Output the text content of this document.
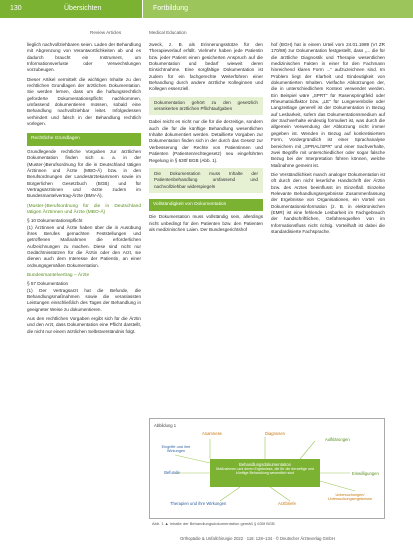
130	Übersichten	Fortbildung
Review Articles	Medical Education

lieglich nachvollziehbaren seien. Laden der Behandlung mit Abgrenzung von Verantwortlichkeiten ab und es dadurch braucht ein Instrument, um Informationsverluste oder Verwechslungen vorzubeugen.

Dieser Artikel vermittelt die wichtigen Inhalte zu den rechtlichen Grundlagen der ärztlichen Dokumentation. Sie werden lernen, dass um die haftungsrechtlich geforderte Dokumentationspflicht nachkommen, umfassend dokumentieren müssen, sobald eine Behandlung nachvollziehbar leitet. Infolgedessen verhindert und falsch in der Behandlung rechtlich vorlegen.

Rechtliche Grundlagen

Grundlegende rechtliche Vorgaben zur ärztlichen Dokumentation finden sich u. a. in der (Muster-)Berufsordnung für die in Deutschland tätigen Ärztinnen und Ärzte (MBO-Ä) bzw. in den Berufsordnungen der Landesärztekammern sowie im Bürgerlichen Gesetzbuch (BGB) und für Vertragsärztinnen und -ärzte zudem im Bundesmantelvertrag-Ärzte (BMV-Ä).

(Muster-)Berufsordnung für die in Deutschland tätigen Ärztinnen und Ärzte (MBO-Ä)

§ 10 Dokumentationspflicht

(1) Ärztinnen und Ärzte haben über die in Ausübung ihres Berufes gemachten Feststellungen und getroffenen Maßnahmen die erforderlichen Aufzeichnungen zu machen. Diese sind nicht nur Gedächtnisstützen für die Ärztin oder den Arzt, sie dienen auch dem Interesse der Patientin, an einer ordnungsgemäßen Dokumentation.

Bundesmantelvertrag – Ärzte

§ 57 Dokumentation

(1) Der Vertragsarzt hat die Befunde, die Behandlungsmaßnahmen sowie die veranlassten Leistungen einschließlich des Tages der Behandlung in geeigneter Weise zu dokumentieren.

Aus den rechtlichen Vorgaben ergibt sich für die Ärztin und den Arzt, dass Dokumentation eine Pflicht darstellt, die nicht nur einem ärztlichen Selbstverständnis folgt.

zweck, z. B. als Erinnerungsstütze für den Therapieverlauf erfüllt. Vielmehr haben jede Patientin bzw. jeder Patient einen gesicherten Anspruch auf die Dokumentation und bedarf wieweit deren Einsichtnahme. Eine sorgfältige Dokumentation ist zudem für ein fachgerechte Weiterführen einer Behandlung durch andere ärztliche Kolleginnen und Kollegen essenziell.

Dokumentation gehört zu den gesetzlich verankerten ärztlichen Pflichtaufgaben

Dabei reicht es nicht nur die für die derzeitige, sondern auch die für die künftige Behandlung wesentlichen Inhalte dokumentiert werden. Detaillierte Vorgaben zur Dokumentation finden sich in der durch das Gesetz zur Verbesserung der Rechte von Patientinnen und Patienten (Patientenrechtegesetz) neu eingeführten Regelung in § 630f BGB (Abb. 1).

Die Dokumentation muss Inhalte der Patientenbehandlung umfassend und nachvollziehbar widerspiegeln
Vollständigkeit von Dokumentation

Die Dokumentation muss vollständig sein, allerdings nicht unbedingt für den Patienten bzw. den Patienten als medizinischen Laien. Der Bundesgerichtshof

hof (BGH) hat in einem Urteil vom 24.01.1989 (VI ZR 170/88) zur Dokumentation festgestellt, dass „... die für die ärztliche Diagnostik und Therapie wesentlichen medizinischen Fakten in einer für den Fachmann hinreichend klaren Form ..." aufzuzeichnen sind. Im Problem liegt der Klarheit und Eindeutigkeit von dokumentierten Inhalten. Vielfache Abkürzungen der, die in unterschiedlichem Kontext verwendet werden. Ein Beispiel wäre „SPRT" für Rasenspringtfeld oder Rheumatoidfaktor bzw. „LE" für Lungenembolie oder Langzeitlage generell ist der Dokumentation in Bezug auf Lesbarkeit, sofern das Dokumentationsmedium auf der Sachverhalte eindeutig formuliert ist, was durch die allgemein Verwendung der Abkürzung nicht immer gegeben ist. Wenden in Bezug auf konkretisiertem Form, Vordergründlich ist einer Sprachanalyse bereichern mit „SPRAL/SPR" und einer Sachverhalte, zwei Begriffe mit unterschiedlicher oder sogar falsche Bezug bei der Interpretation führen können, welche Maßnahme gemeint ist.

Die Verständlichkeit manch analoger Dokumentation ist oft durch den nicht leserliche Handschrift der Ärztin bzw. des Arztes beeinflusst im Einzelfall. Einzelne Relevante Behandlungsergebnisse Zusammenfassung der Ergebnisse von Organisationen, ein Vorteil von Dokumentationsinformation (z. B. in elektronischen (EMR) ist eine fehlende Lesbarkeit im Fachgebrauch der handschriftlichen, Gefahrenquellen von im Informationsfluss nicht richtig. Vorteilhaft ist dabei die standardisierte Fachsprache.

Abbildung 1
Behandlungsdokumentation
Maßnahmen und deren Ergebnisse, die für die derzeitige und künftige Behandlung wesentlich sind
Anamnese	Diagnosen
Eingriffe und ihre Wirkungen
Befunde
Aufklärungen
Einwilligungen
Therapien und ihre Wirkungen	Arztbriefe
Untersuchungen/ Untersuchungsergebnisse
Abb. 1 ▲ Inhalte der Behandlungsdokumentation gemäß § 630f BGB
Orthopädie & Unfallchirurgie 2022 · 116: 128–134 · © Deutscher Ärzteverlag GmbH
